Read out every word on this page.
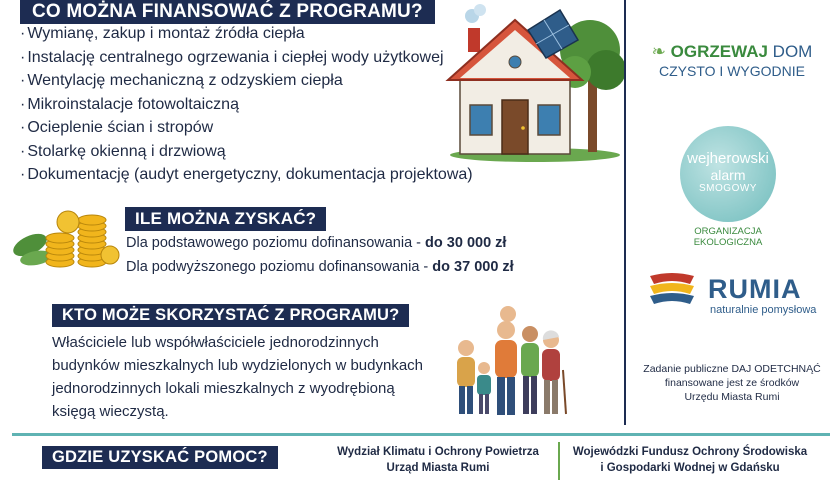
CO MOŻNA FINANSOWAĆ Z PROGRAMU?
· Wymianę, zakup i montaż źródła ciepła
· Instalację centralnego ogrzewania i ciepłej wody użytkowej
· Wentylację mechaniczną z odzyskiem ciepła
· Mikroinstalacje fotowoltaiczną
· Ocieplenie ścian i stropów
· Stolarkę okienną i drzwiową
· Dokumentację (audyt energetyczny, dokumentacja projektowa)
ILE MOŻNA ZYSKAĆ?
Dla podstawowego poziomu dofinansowania - do 30 000 zł
Dla podwyższonego poziomu dofinansowania - do 37 000 zł
KTO MOŻE SKORZYSTAĆ Z PROGRAMU?
Właściciele lub współwłaściciele jednorodzinnych
budynków mieszkalnych lub wydzielonych w budynkach
jednorodzinnych lokali mieszkalnych z wyodrębioną
księgą wieczystą.
GDZIE UZYSKAĆ POMOC?	Wydział Klimatu i Ochrony Powietrza
Urząd Miasta Rumi
Wojewódzki Fundusz Ochrony Środowiska
i Gospodarki Wodnej w Gdańsku
❧ OGRZEWAJ DOM
CZYSTO I WYGODNIE
wejherowski
alarm
SMOGOWY
ORGANIZACJA
EKOLOGICZNA
RUMIA
naturalnie pomysłowa
Zadanie publiczne DAJ ODETCHNĄĆ
finansowane jest ze środków
Urzędu Miasta Rumi
